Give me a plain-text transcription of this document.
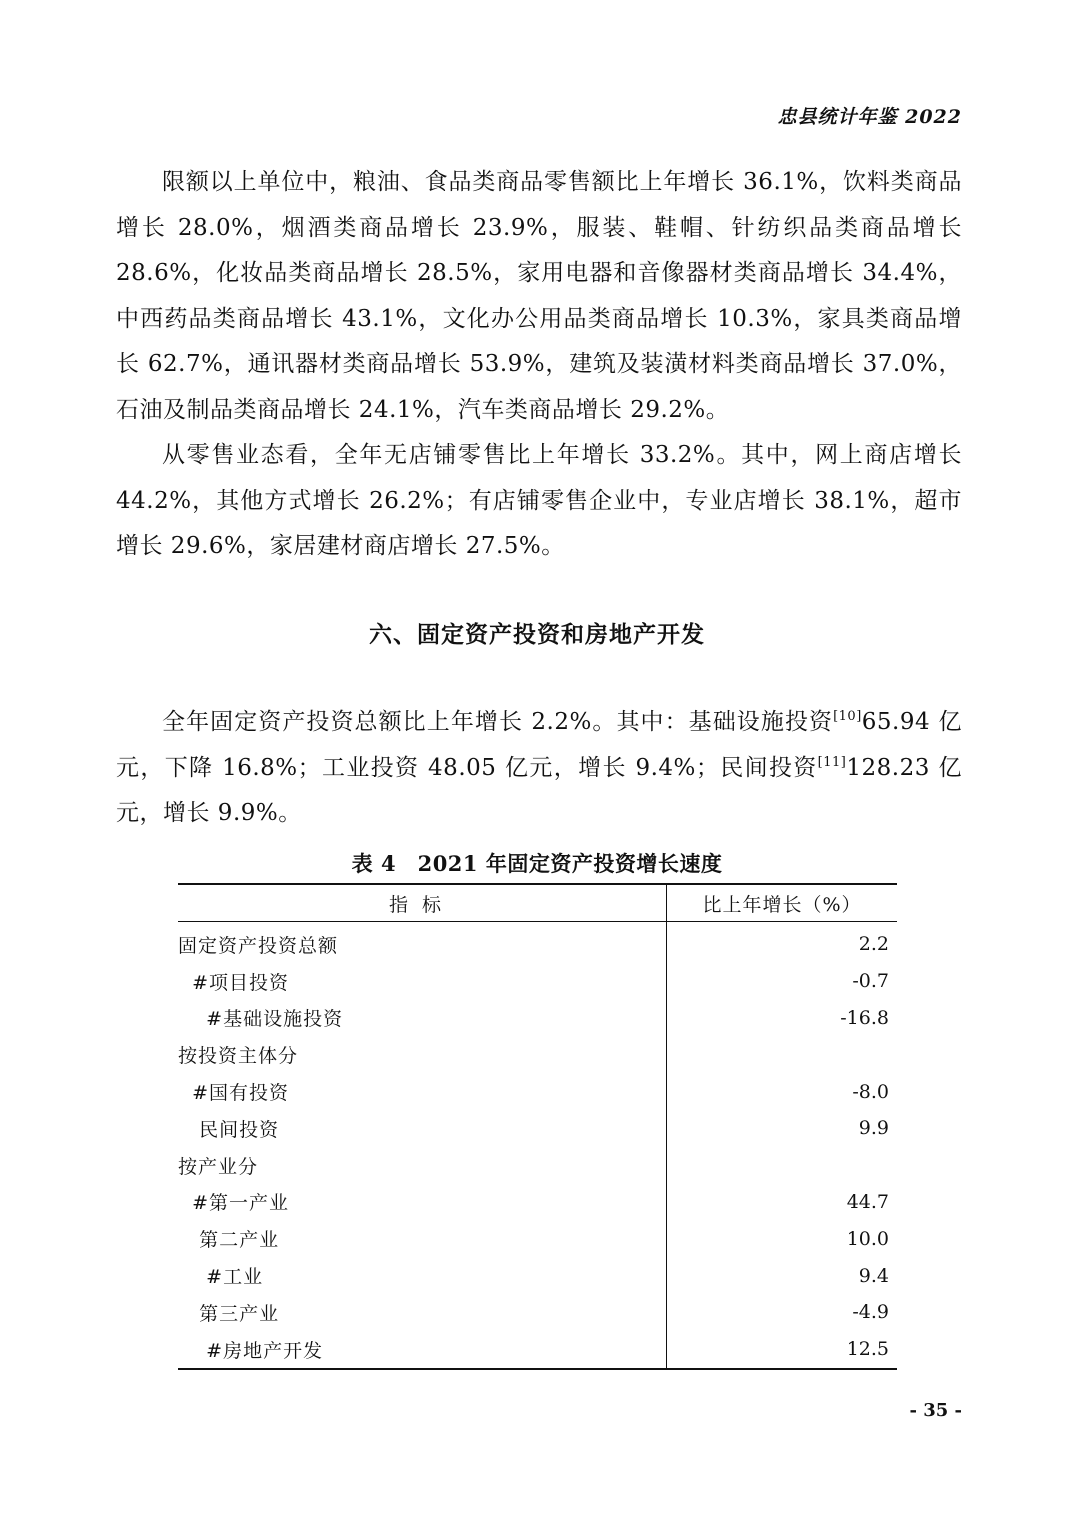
忠县统计年鉴 2022

限额以上单位中，粮油、食品类商品零售额比上年增长 36.1%，饮料类商品增长 28.0%，烟酒类商品增长 23.9%，服装、鞋帽、针纺织品类商品增长 28.6%，化妆品类商品增长 28.5%，家用电器和音像器材类商品增长 34.4%，中西药品类商品增长 43.1%，文化办公用品类商品增长 10.3%，家具类商品增长 62.7%，通讯器材类商品增长 53.9%，建筑及装潢材料类商品增长 37.0%，石油及制品类商品增长 24.1%，汽车类商品增长 29.2%。

从零售业态看，全年无店铺零售比上年增长 33.2%。其中，网上商店增长 44.2%，其他方式增长 26.2%；有店铺零售企业中，专业店增长 38.1%，超市增长 29.6%，家居建材商店增长 27.5%。

六、固定资产投资和房地产开发

全年固定资产投资总额比上年增长 2.2%。其中：基础设施投资[10]65.94 亿元，下降 16.8%；工业投资 48.05 亿元，增长 9.4%；民间投资[11]128.23 亿元，增长 9.9%。

表 4　2021 年固定资产投资增长速度
指标	比上年增长（%）
固定资产投资总额	2.2
#项目投资	-0.7
#基础设施投资	-16.8
按投资主体分	
#国有投资	-8.0
民间投资	9.9
按产业分	
#第一产业	44.7
第二产业	10.0
#工业	9.4
第三产业	-4.9
#房地产开发	12.5
- 35 -
